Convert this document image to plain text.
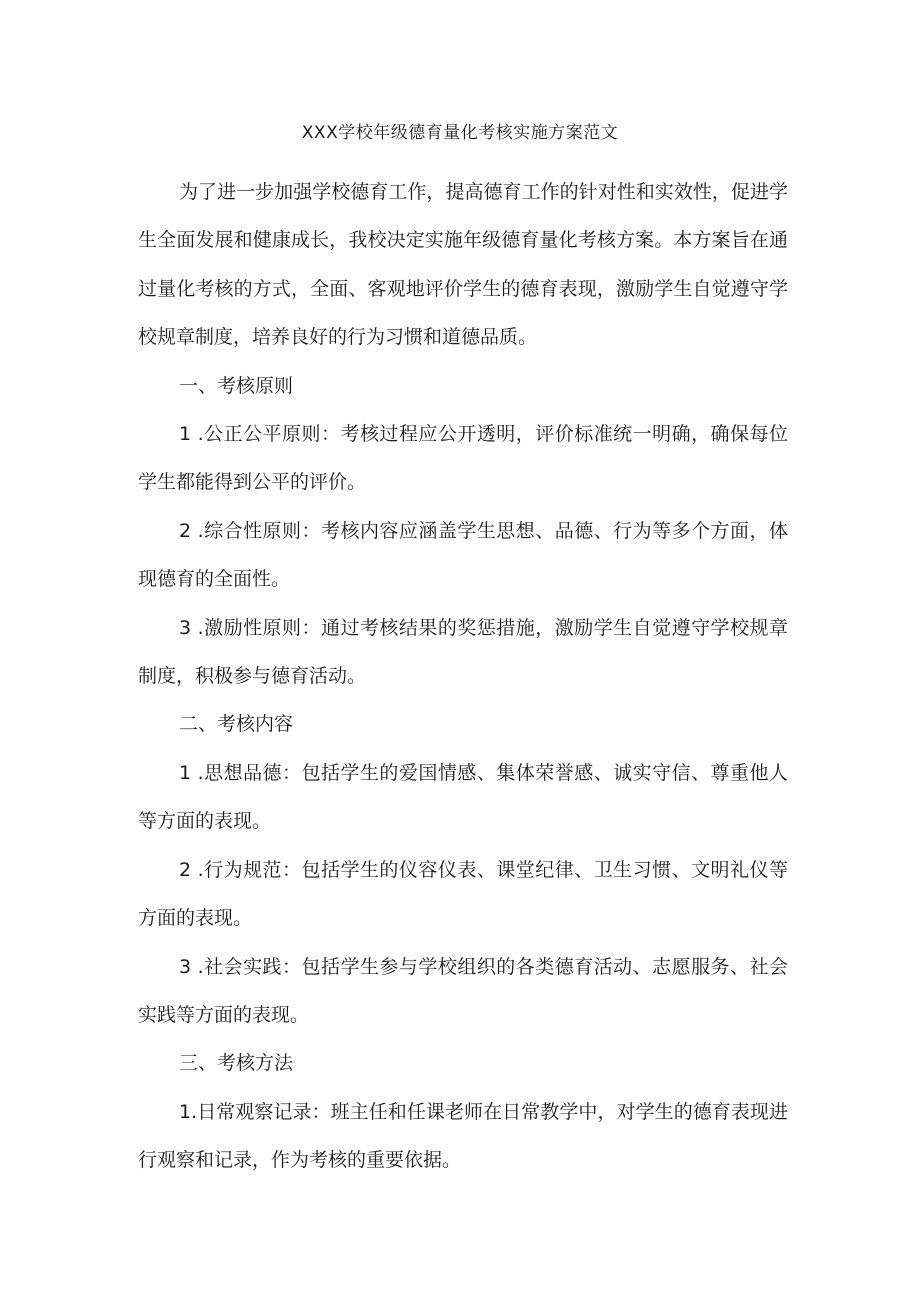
XXX学校年级德育量化考核实施方案范文

为了进一步加强学校德育工作，提高德育工作的针对性和实效性，促进学生全面发展和健康成长，我校决定实施年级德育量化考核方案。本方案旨在通过量化考核的方式，全面、客观地评价学生的德育表现，激励学生自觉遵守学校规章制度，培养良好的行为习惯和道德品质。

一、考核原则

1 .公正公平原则：考核过程应公开透明，评价标准统一明确，确保每位学生都能得到公平的评价。

2 .综合性原则：考核内容应涵盖学生思想、品德、行为等多个方面，体现德育的全面性。

3 .激励性原则：通过考核结果的奖惩措施，激励学生自觉遵守学校规章制度，积极参与德育活动。

二、考核内容

1 .思想品德：包括学生的爱国情感、集体荣誉感、诚实守信、尊重他人等方面的表现。

2 .行为规范：包括学生的仪容仪表、课堂纪律、卫生习惯、文明礼仪等方面的表现。

3 .社会实践：包括学生参与学校组织的各类德育活动、志愿服务、社会实践等方面的表现。

三、考核方法

1.日常观察记录：班主任和任课老师在日常教学中，对学生的德育表现进行观察和记录，作为考核的重要依据。
